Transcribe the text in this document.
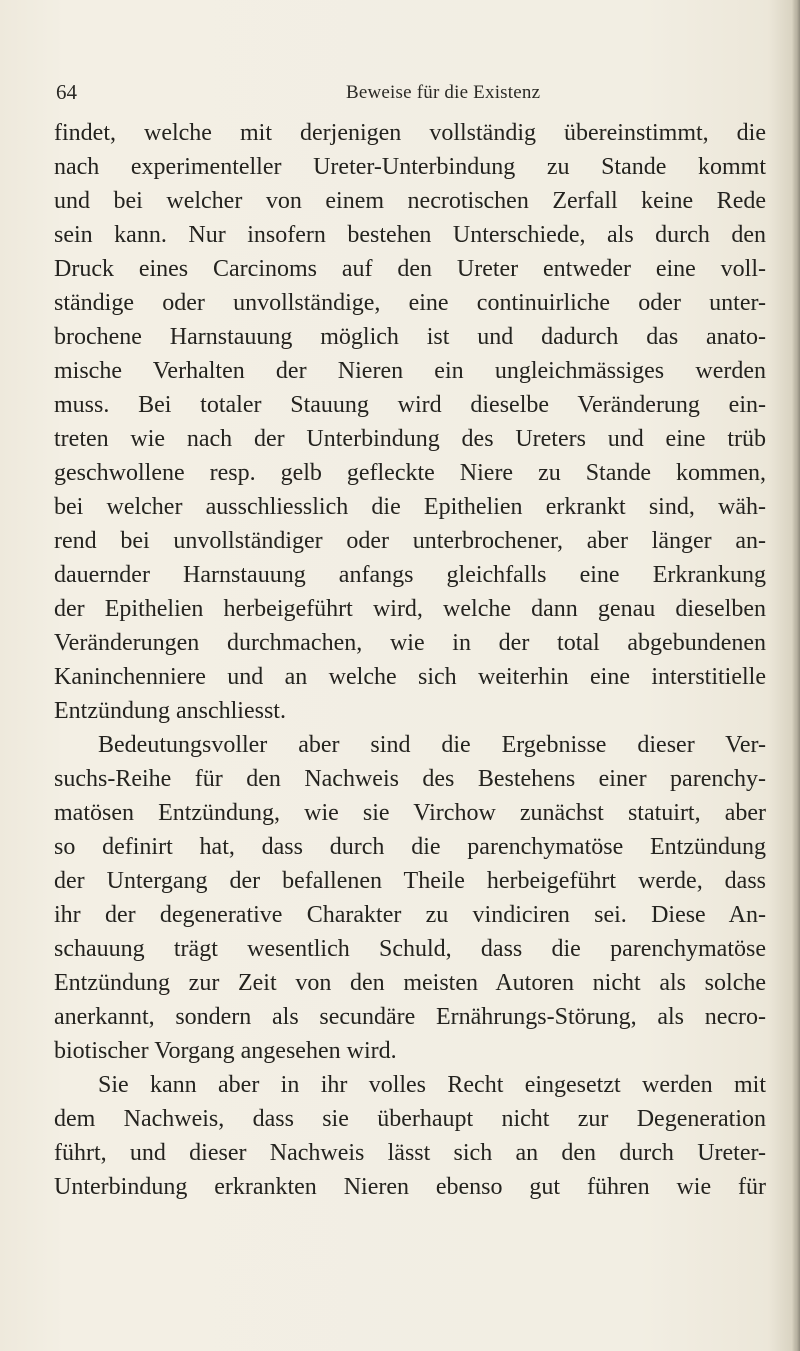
64	Beweise für die Existenz
findet, welche mit derjenigen vollständig übereinstimmt, die
nach experimenteller Ureter-Unterbindung zu Stande kommt
und bei welcher von einem necrotischen Zerfall keine Rede
sein kann. Nur insofern bestehen Unterschiede, als durch den
Druck eines Carcinoms auf den Ureter entweder eine voll-
ständige oder unvollständige, eine continuirliche oder unter-
brochene Harnstauung möglich ist und dadurch das anato-
mische Verhalten der Nieren ein ungleichmässiges werden
muss. Bei totaler Stauung wird dieselbe Veränderung ein-
treten wie nach der Unterbindung des Ureters und eine trüb
geschwollene resp. gelb gefleckte Niere zu Stande kommen,
bei welcher ausschliesslich die Epithelien erkrankt sind, wäh-
rend bei unvollständiger oder unterbrochener, aber länger an-
dauernder Harnstauung anfangs gleichfalls eine Erkrankung
der Epithelien herbeigeführt wird, welche dann genau dieselben
Veränderungen durchmachen, wie in der total abgebundenen
Kaninchenniere und an welche sich weiterhin eine interstitielle
Entzündung anschliesst.
Bedeutungsvoller aber sind die Ergebnisse dieser Ver-
suchs-Reihe für den Nachweis des Bestehens einer parenchy-
matösen Entzündung, wie sie Virchow zunächst statuirt, aber
so definirt hat, dass durch die parenchymatöse Entzündung
der Untergang der befallenen Theile herbeigeführt werde, dass
ihr der degenerative Charakter zu vindiciren sei. Diese An-
schauung trägt wesentlich Schuld, dass die parenchymatöse
Entzündung zur Zeit von den meisten Autoren nicht als solche
anerkannt, sondern als secundäre Ernährungs-Störung, als necro-
biotischer Vorgang angesehen wird.
Sie kann aber in ihr volles Recht eingesetzt werden mit
dem Nachweis, dass sie überhaupt nicht zur Degeneration
führt, und dieser Nachweis lässt sich an den durch Ureter-
Unterbindung erkrankten Nieren ebenso gut führen wie für
